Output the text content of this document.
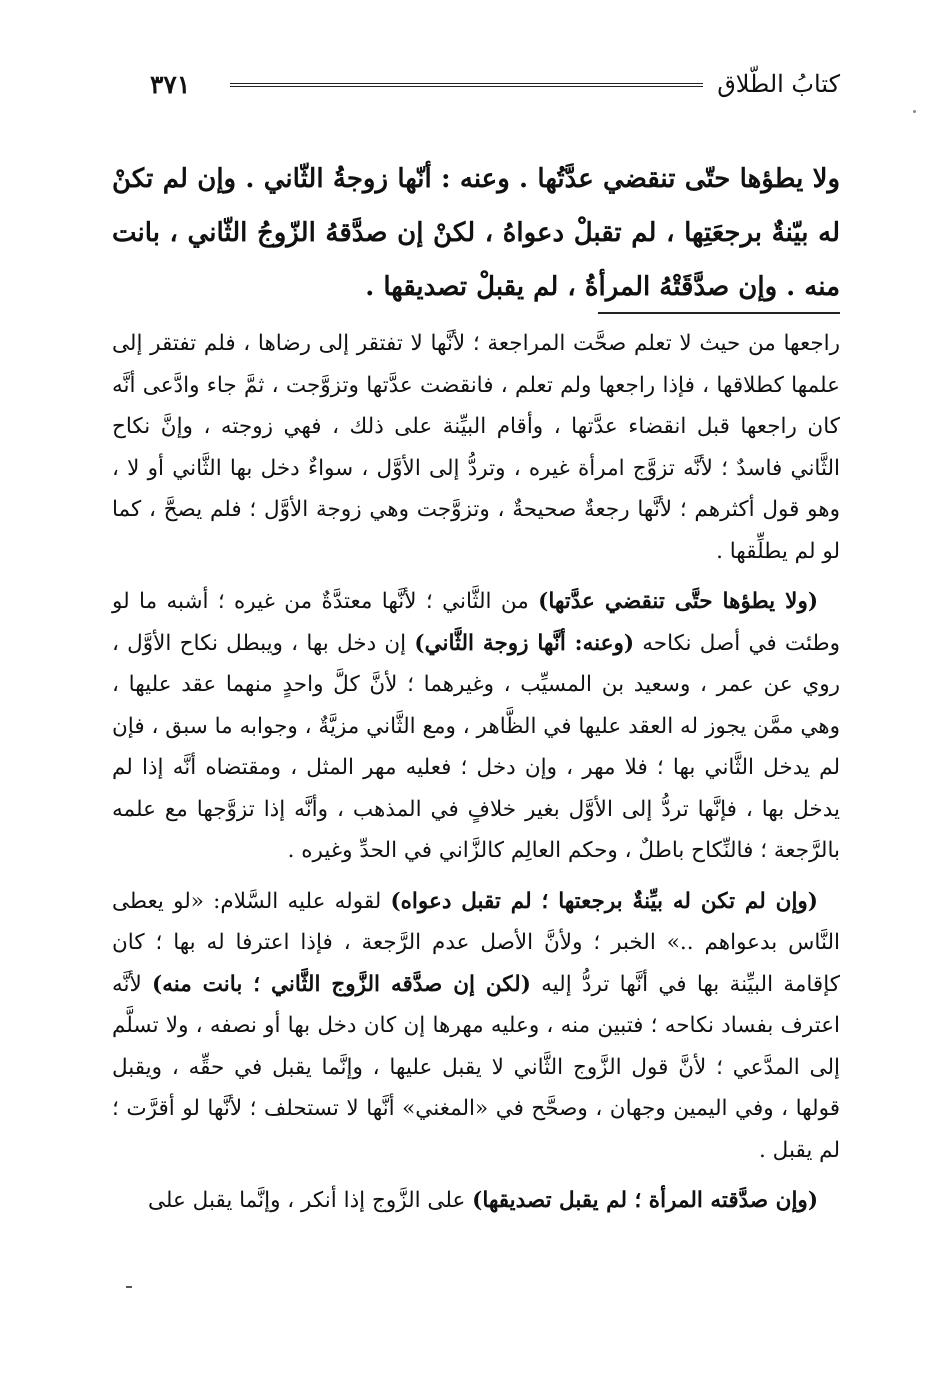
كتابُ الطّلاق
٣٧١
ولا يطؤها حتّى تنقضي عدَّتُها . وعنه : أنّها زوجةُ الثّاني . وإن لم تكنْ له بيّنةٌ برجعَتِها ، لم تقبلْ دعواهُ ، لكنْ إن صدَّقهُ الزّوجُ الثّاني ، بانت منه . وإن صدَّقَتْهُ المرأةُ ، لم يقبلْ تصديقها .

راجعها من حيث لا تعلم صحَّت المراجعة ؛ لأنَّها لا تفتقر إلى رضاها ، فلم تفتقر إلى علمها كطلاقها ، فإذا راجعها ولم تعلم ، فانقضت عدَّتها وتزوَّجت ، ثمَّ جاء وادَّعى أنَّه كان راجعها قبل انقضاء عدَّتها ، وأقام البيِّنة على ذلك ، فهي زوجته ، وإنَّ نكاح الثَّاني فاسدٌ ؛ لأنَّه تزوَّج امرأة غيره ، وتردُّ إلى الأوَّل ، سواءٌ دخل بها الثَّاني أو لا ، وهو قول أكثرهم ؛ لأنَّها رجعةٌ صحيحةٌ ، وتزوَّجت وهي زوجة الأوَّل ؛ فلم يصحَّ ، كما لو لم يطلِّقها .

(ولا يطؤها حتَّى تنقضي عدَّتها) من الثَّاني ؛ لأنَّها معتدَّةٌ من غيره ؛ أشبه ما لو وطئت في أصل نكاحه (وعنه: أنَّها زوجة الثَّاني) إن دخل بها ، ويبطل نكاح الأوَّل ، روي عن عمر ، وسعيد بن المسيِّب ، وغيرهما ؛ لأنَّ كلَّ واحدٍ منهما عقد عليها ، وهي ممَّن يجوز له العقد عليها في الظَّاهر ، ومع الثَّاني مزيَّةٌ ، وجوابه ما سبق ، فإن لم يدخل الثَّاني بها ؛ فلا مهر ، وإن دخل ؛ فعليه مهر المثل ، ومقتضاه أنَّه إذا لم يدخل بها ، فإنَّها تردُّ إلى الأوَّل بغير خلافٍ في المذهب ، وأنَّه إذا تزوَّجها مع علمه بالرَّجعة ؛ فالنِّكاح باطلٌ ، وحكم العالِم كالزَّاني في الحدِّ وغيره .

(وإن لم تكن له بيِّنةٌ برجعتها ؛ لم تقبل دعواه) لقوله عليه السَّلام: «لو يعطى النَّاس بدعواهم ..» الخبر ؛ ولأنَّ الأصل عدم الرَّجعة ، فإذا اعترفا له بها ؛ كان كإقامة البيِّنة بها في أنَّها تردُّ إليه (لكن إن صدَّقه الزَّوج الثَّاني ؛ بانت منه) لأنَّه اعترف بفساد نكاحه ؛ فتبين منه ، وعليه مهرها إن كان دخل بها أو نصفه ، ولا تسلَّم إلى المدَّعي ؛ لأنَّ قول الزَّوج الثَّاني لا يقبل عليها ، وإنَّما يقبل في حقِّه ، ويقبل قولها ، وفي اليمين وجهان ، وصحَّح في «المغني» أنَّها لا تستحلف ؛ لأنَّها لو أقرَّت ؛ لم يقبل .

(وإن صدَّقته المرأة ؛ لم يقبل تصديقها) على الزَّوج إذا أنكر ، وإنَّما يقبل على
